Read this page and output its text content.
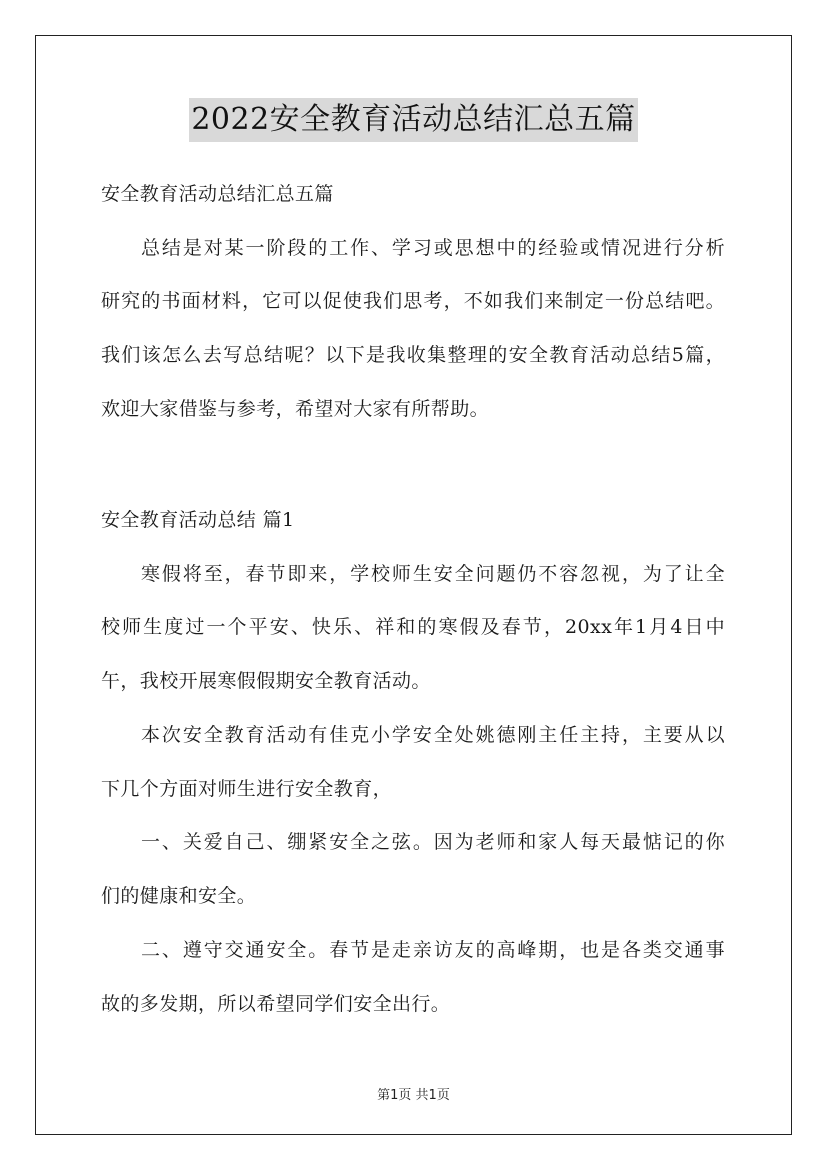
2022安全教育活动总结汇总五篇
安全教育活动总结汇总五篇
总结是对某一阶段的工作、学习或思想中的经验或情况进行分析
研究的书面材料，它可以促使我们思考，不如我们来制定一份总结吧。
我们该怎么去写总结呢？以下是我收集整理的安全教育活动总结5篇，
欢迎大家借鉴与参考，希望对大家有所帮助。
安全教育活动总结 篇1
寒假将至，春节即来，学校师生安全问题仍不容忽视，为了让全
校师生度过一个平安、快乐、祥和的寒假及春节，20xx年1月4日中
午，我校开展寒假假期安全教育活动。
本次安全教育活动有佳克小学安全处姚德刚主任主持，主要从以
下几个方面对师生进行安全教育，
一、关爱自己、绷紧安全之弦。因为老师和家人每天最惦记的你
们的健康和安全。
二、遵守交通安全。春节是走亲访友的高峰期，也是各类交通事
故的多发期，所以希望同学们安全出行。
第1页 共1页
